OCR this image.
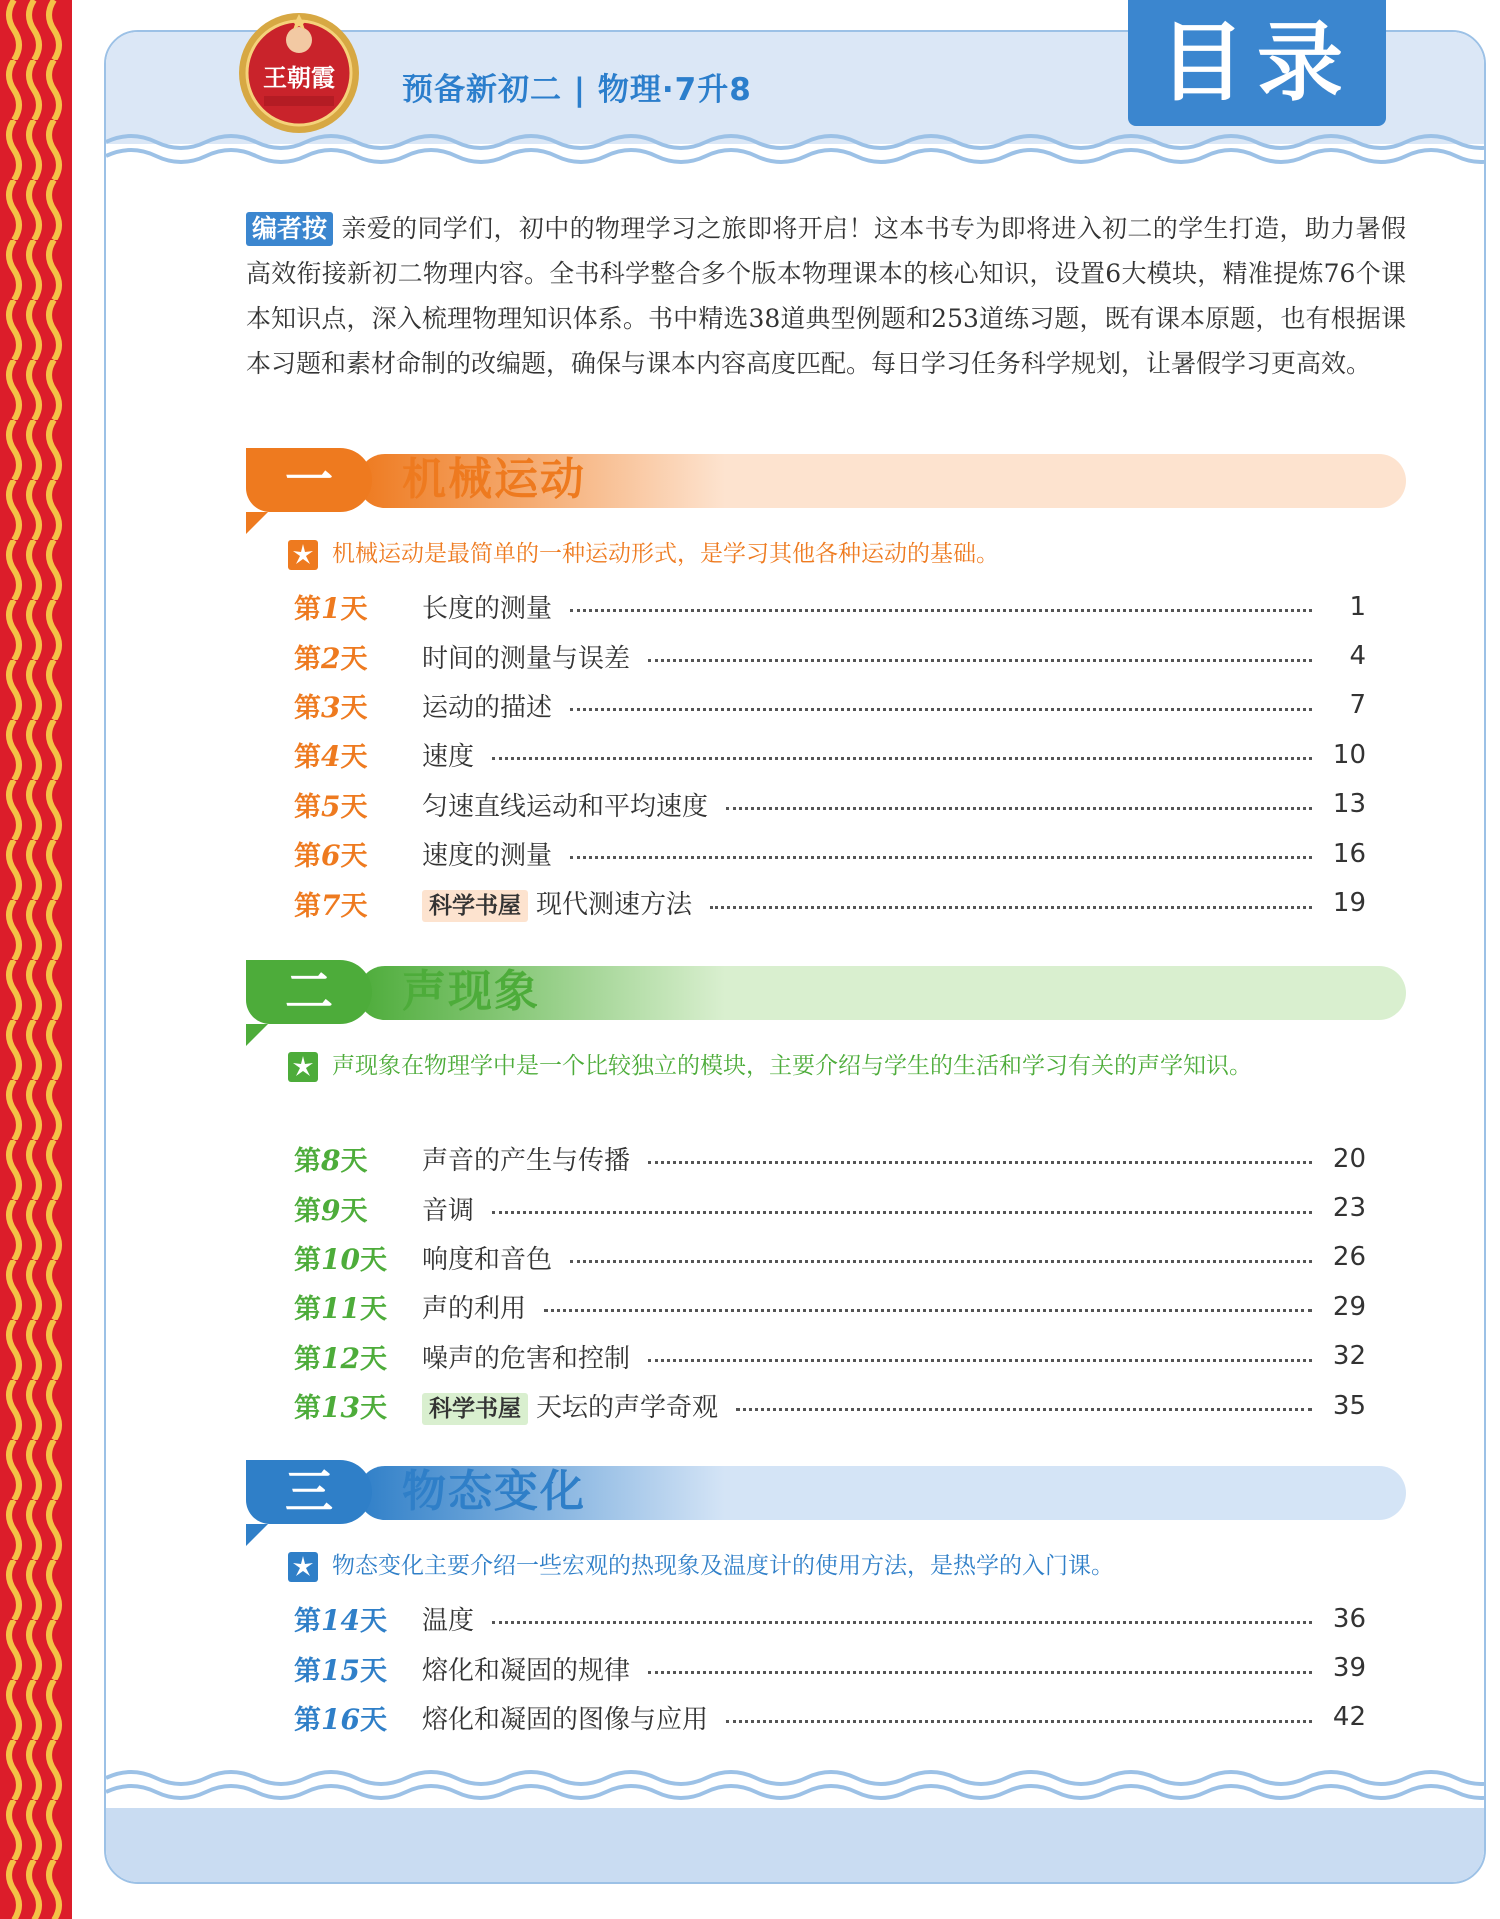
王朝霞 预备新初二 | 物理·7升8	目录
编者按 亲爱的同学们，初中的物理学习之旅即将开启！这本书专为即将进入初二的学生打造，助力暑假高效衔接新初二物理内容。全书科学整合多个版本物理课本的核心知识，设置6大模块，精准提炼76个课本知识点，深入梳理物理知识体系。书中精选38道典型例题和253道练习题，既有课本原题，也有根据课本习题和素材命制的改编题，确保与课本内容高度匹配。每日学习任务科学规划，让暑假学习更高效。
一	机械运动
机械运动是最简单的一种运动形式，是学习其他各种运动的基础。
第1天	长度的测量	1
第2天	时间的测量与误差	4
第3天	运动的描述	7
第4天	速度	10
第5天	匀速直线运动和平均速度	13
第6天	速度的测量	16
第7天	科学书屋 现代测速方法	19
二	声现象
声现象在物理学中是一个比较独立的模块，主要介绍与学生的生活和学习有关的声学知识。
第8天	声音的产生与传播	20
第9天	音调	23
第10天	响度和音色	26
第11天	声的利用	29
第12天	噪声的危害和控制	32
第13天	科学书屋 天坛的声学奇观	35
三	物态变化
物态变化主要介绍一些宏观的热现象及温度计的使用方法，是热学的入门课。
第14天	温度	36
第15天	熔化和凝固的规律	39
第16天	熔化和凝固的图像与应用	42
